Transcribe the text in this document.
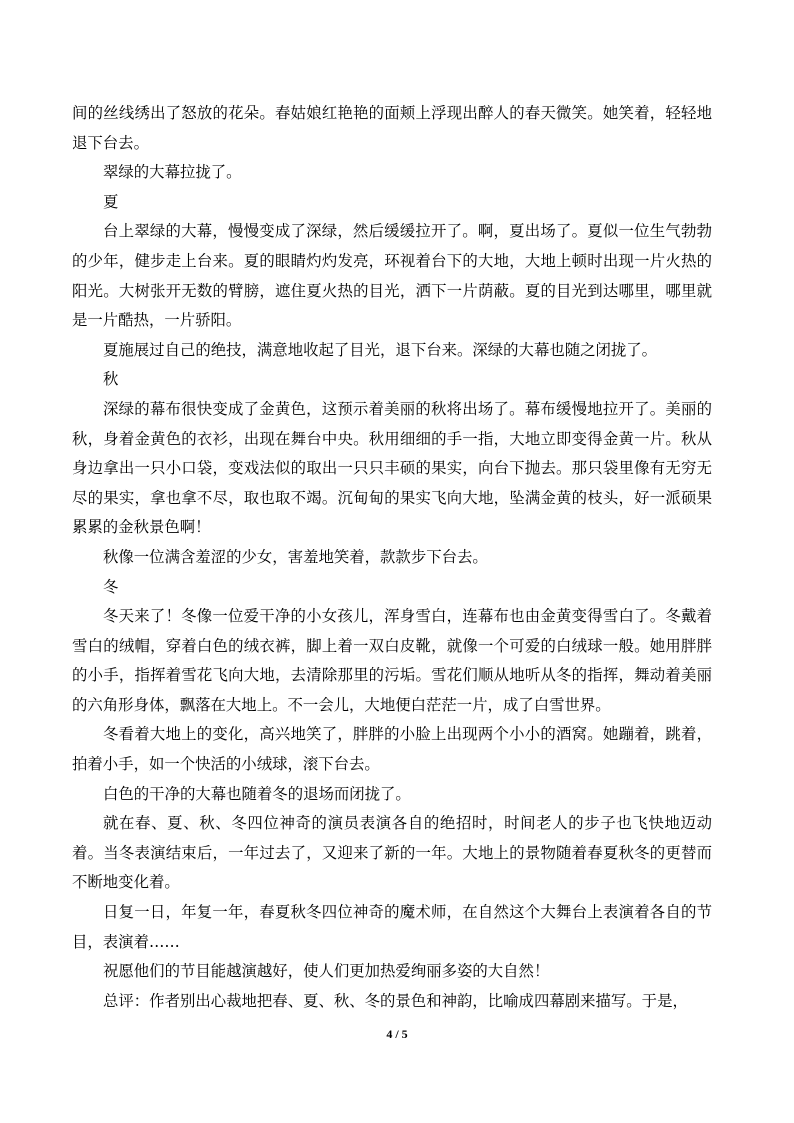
间的丝线绣出了怒放的花朵。春姑娘红艳艳的面颊上浮现出醉人的春天微笑。她笑着，轻轻地退下台去。

翠绿的大幕拉拢了。

夏

台上翠绿的大幕，慢慢变成了深绿，然后缓缓拉开了。啊，夏出场了。夏似一位生气勃勃的少年，健步走上台来。夏的眼睛灼灼发亮，环视着台下的大地，大地上顿时出现一片火热的阳光。大树张开无数的臂膀，遮住夏火热的目光，洒下一片荫蔽。夏的目光到达哪里，哪里就是一片酷热，一片骄阳。

夏施展过自己的绝技，满意地收起了目光，退下台来。深绿的大幕也随之闭拢了。

秋

深绿的幕布很快变成了金黄色，这预示着美丽的秋将出场了。幕布缓慢地拉开了。美丽的秋，身着金黄色的衣衫，出现在舞台中央。秋用细细的手一指，大地立即变得金黄一片。秋从身边拿出一只小口袋，变戏法似的取出一只只丰硕的果实，向台下抛去。那只袋里像有无穷无尽的果实，拿也拿不尽，取也取不竭。沉甸甸的果实飞向大地，坠满金黄的枝头，好一派硕果累累的金秋景色啊！

秋像一位满含羞涩的少女，害羞地笑着，款款步下台去。

冬

冬天来了！冬像一位爱干净的小女孩儿，浑身雪白，连幕布也由金黄变得雪白了。冬戴着雪白的绒帽，穿着白色的绒衣裤，脚上着一双白皮靴，就像一个可爱的白绒球一般。她用胖胖的小手，指挥着雪花飞向大地，去清除那里的污垢。雪花们顺从地听从冬的指挥，舞动着美丽的六角形身体，飘落在大地上。不一会儿，大地便白茫茫一片，成了白雪世界。

冬看着大地上的变化，高兴地笑了，胖胖的小脸上出现两个小小的酒窝。她蹦着，跳着，拍着小手，如一个快活的小绒球，滚下台去。

白色的干净的大幕也随着冬的退场而闭拢了。

就在春、夏、秋、冬四位神奇的演员表演各自的绝招时，时间老人的步子也飞快地迈动着。当冬表演结束后，一年过去了，又迎来了新的一年。大地上的景物随着春夏秋冬的更替而不断地变化着。

日复一日，年复一年，春夏秋冬四位神奇的魔术师，在自然这个大舞台上表演着各自的节目，表演着……

祝愿他们的节目能越演越好，使人们更加热爱绚丽多姿的大自然！

总评：作者别出心裁地把春、夏、秋、冬的景色和神韵，比喻成四幕剧来描写。于是，

4 / 5
